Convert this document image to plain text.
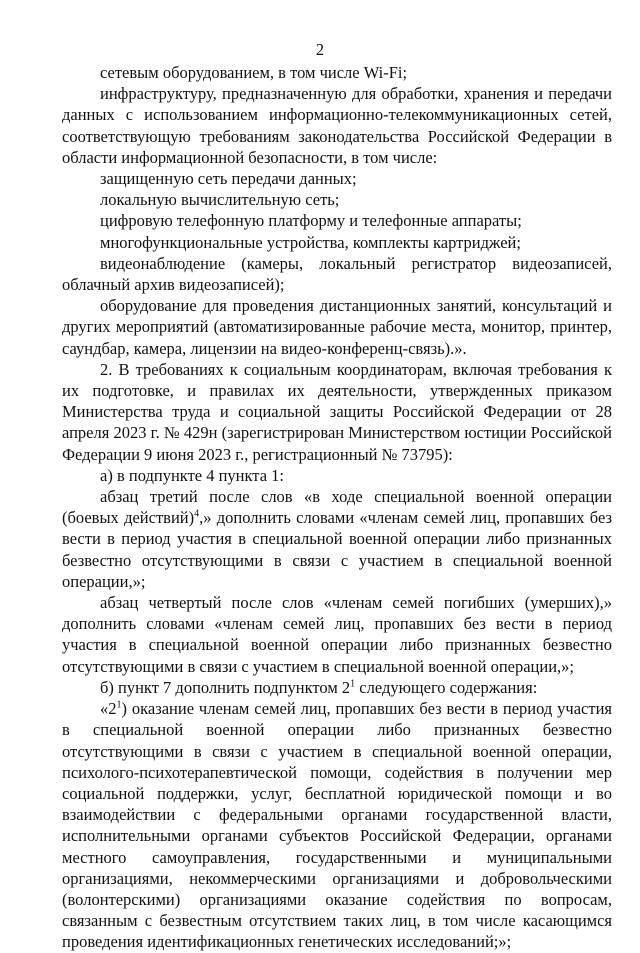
2

сетевым оборудованием, в том числе Wi-Fi;

инфраструктуру, предназначенную для обработки, хранения и передачи данных с использованием информационно-телекоммуникационных сетей, соответствующую требованиям законодательства Российской Федерации в области информационной безопасности, в том числе:

защищенную сеть передачи данных;

локальную вычислительную сеть;

цифровую телефонную платформу и телефонные аппараты;

многофункциональные устройства, комплекты картриджей;

видеонаблюдение (камеры, локальный регистратор видеозаписей, облачный архив видеозаписей);

оборудование для проведения дистанционных занятий, консультаций и других мероприятий (автоматизированные рабочие места, монитор, принтер, саундбар, камера, лицензии на видео-конференц-связь).».

2. В требованиях к социальным координаторам, включая требования к их подготовке, и правилах их деятельности, утвержденных приказом Министерства труда и социальной защиты Российской Федерации от 28 апреля 2023 г. № 429н (зарегистрирован Министерством юстиции Российской Федерации 9 июня 2023 г., регистрационный № 73795):

а) в подпункте 4 пункта 1:

абзац третий после слов «в ходе специальной военной операции (боевых действий)$^4$,» дополнить словами «членам семей лиц, пропавших без вести в период участия в специальной военной операции либо признанных безвестно отсутствующими в связи с участием в специальной военной операции,»;

абзац четвертый после слов «членам семей погибших (умерших),» дополнить словами «членам семей лиц, пропавших без вести в период участия в специальной военной операции либо признанных безвестно отсутствующими в связи с участием в специальной военной операции,»;

б) пункт 7 дополнить подпунктом $2^1$ следующего содержания:

«$2^1$) оказание членам семей лиц, пропавших без вести в период участия в специальной военной операции либо признанных безвестно отсутствующими в связи с участием в специальной военной операции, психолого-психотерапевтической помощи, содействия в получении мер социальной поддержки, услуг, бесплатной юридической помощи и во взаимодействии с федеральными органами государственной власти, исполнительными органами субъектов Российской Федерации, органами местного самоуправления, государственными и муниципальными организациями, некоммерческими организациями и добровольческими (волонтерскими) организациями оказание содействия по вопросам, связанным с безвестным отсутствием таких лиц, в том числе касающимся проведения идентификационных генетических исследований;»;
